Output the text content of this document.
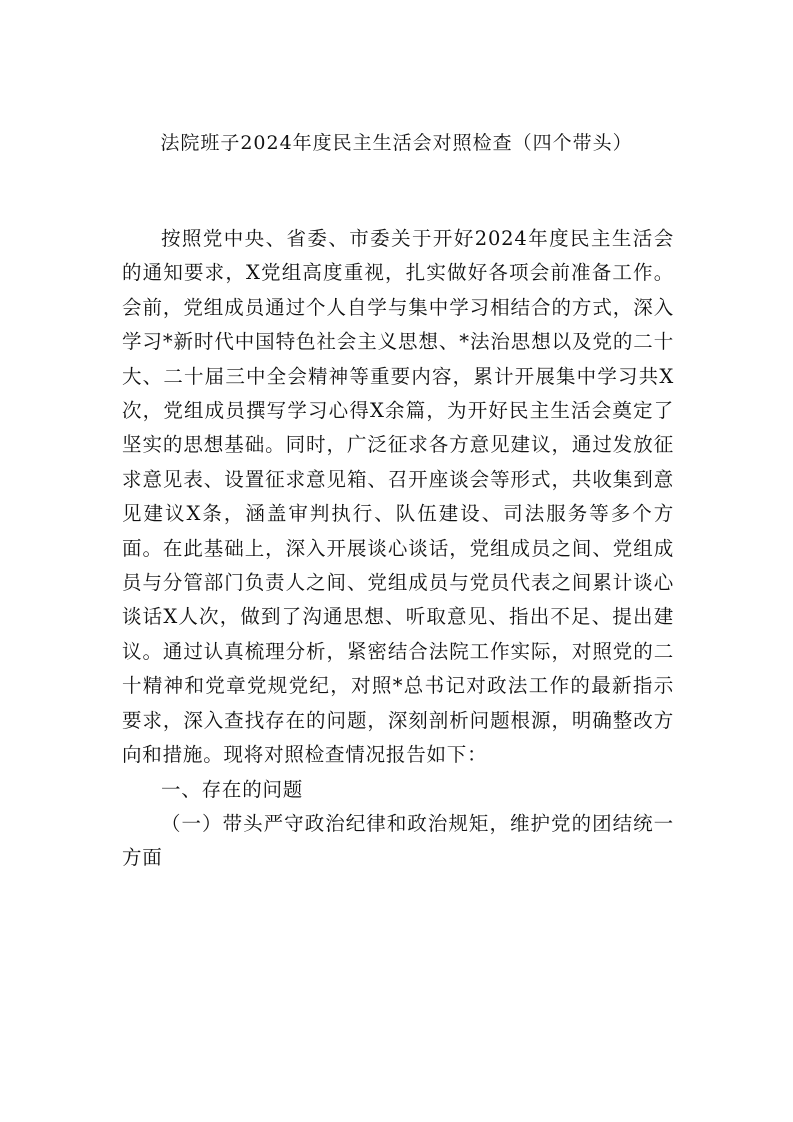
法院班子2024年度民主生活会对照检查（四个带头）

按照党中央、省委、市委关于开好2024年度民主生活会的通知要求，X党组高度重视，扎实做好各项会前准备工作。会前，党组成员通过个人自学与集中学习相结合的方式，深入学习*新时代中国特色社会主义思想、*法治思想以及党的二十大、二十届三中全会精神等重要内容，累计开展集中学习共X次，党组成员撰写学习心得X余篇，为开好民主生活会奠定了坚实的思想基础。同时，广泛征求各方意见建议，通过发放征求意见表、设置征求意见箱、召开座谈会等形式，共收集到意见建议X条，涵盖审判执行、队伍建设、司法服务等多个方面。在此基础上，深入开展谈心谈话，党组成员之间、党组成员与分管部门负责人之间、党组成员与党员代表之间累计谈心谈话X人次，做到了沟通思想、听取意见、指出不足、提出建议。通过认真梳理分析，紧密结合法院工作实际，对照党的二十精神和党章党规党纪，对照*总书记对政法工作的最新指示要求，深入查找存在的问题，深刻剖析问题根源，明确整改方向和措施。现将对照检查情况报告如下：

一、存在的问题

（一）带头严守政治纪律和政治规矩，维护党的团结统一方面
